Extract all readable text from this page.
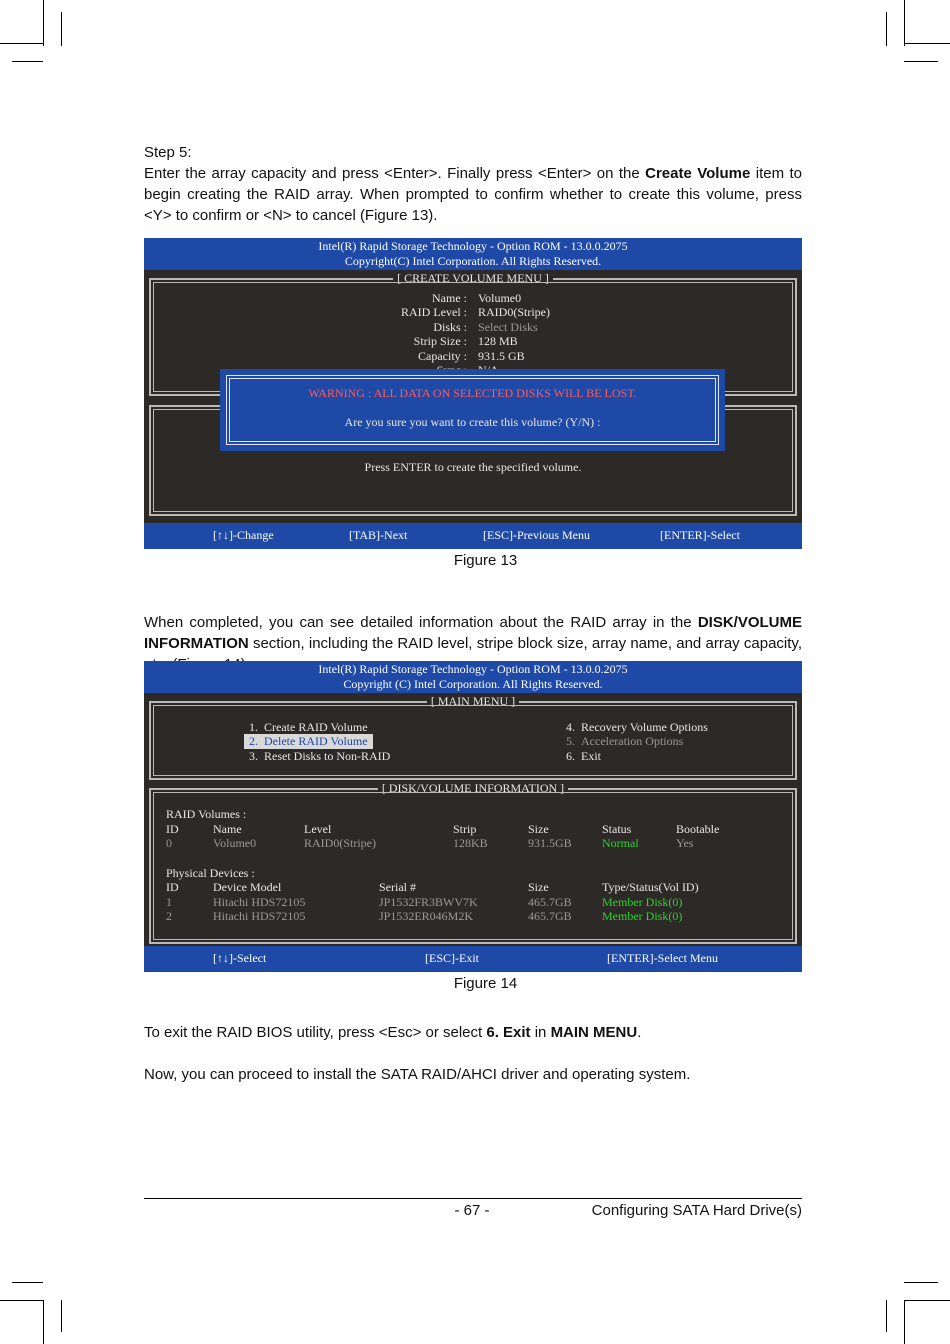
Step 5:
Enter the array capacity and press <Enter>. Finally press <Enter> on the Create Volume item to begin creating the RAID array. When prompted to confirm whether to create this volume, press <Y> to confirm or <N> to cancel (Figure 13).
Intel(R) Rapid Storage Technology - Option ROM - 13.0.0.2075
Copyright(C) Intel Corporation. All Rights Reserved.
[ CREATE VOLUME MENU ]
Name : Volume0
RAID Level : RAID0(Stripe)
Disks : Select Disks
Strip Size : 128 MB
Capacity : 931.5 GB
Press ENTER to create the specified volume.
WARNING : ALL DATA ON SELECTED DISKS WILL BE LOST.
Are you sure you want to create this volume? (Y/N) :
[↑↓]-Change	[TAB]-Next	[ESC]-Previous Menu	[ENTER]-Select
Figure 13
When completed, you can see detailed information about the RAID array in the DISK/VOLUME INFORMATION section, including the RAID level, stripe block size, array name, and array capacity,
Intel(R) Rapid Storage Technology - Option ROM - 13.0.0.2075
Copyright (C) Intel Corporation. All Rights Reserved.
[ MAIN MENU ]
1. Create RAID Volume
2. Delete RAID Volume
3. Reset Disks to Non-RAID
4. Recovery Volume Options
5. Acceleration Options
6. Exit
[ DISK/VOLUME INFORMATION ]
RAID Volumes :
ID	Name	Level	Strip	Size	Status	Bootable
0	Volume0	RAID0(Stripe)	128KB	931.5GB	Normal	Yes
Physical Devices :
ID	Device Model	Serial #	Size	Type/Status(Vol ID)
1	Hitachi HDS72105	JP1532FR3BWV7K	465.7GB	Member Disk(0)
2	Hitachi HDS72105	JP1532ER046M2K	465.7GB	Member Disk(0)
[↑↓]-Select	[ESC]-Exit	[ENTER]-Select Menu
Figure 14
To exit the RAID BIOS utility, press <Esc> or select 6. Exit in MAIN MENU.
Now, you can proceed to install the SATA RAID/AHCI driver and operating system.
- 67 -	Configuring SATA Hard Drive(s)
